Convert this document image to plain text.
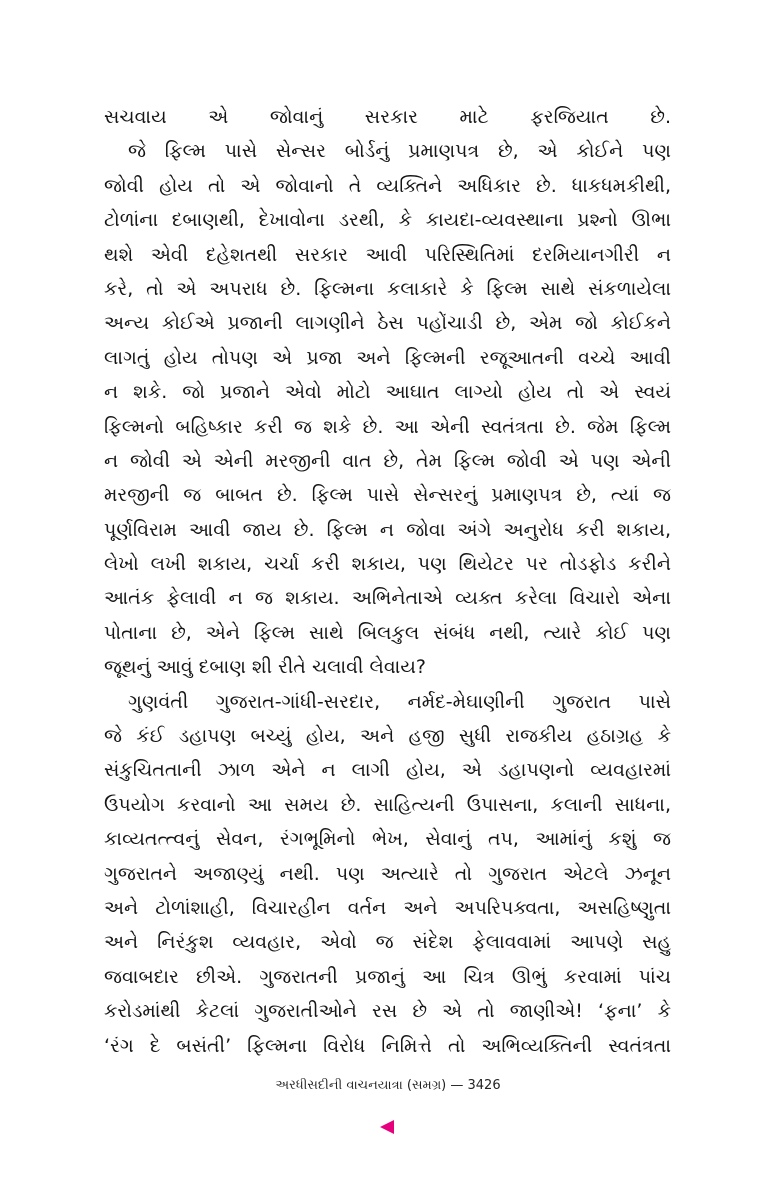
સચવાય એ જોવાનું સરકાર માટે ફરજિયાત છે.
જે ફિલ્મ પાસે સેન્સર બોર્ડનું પ્રમાણપત્ર છે, એ કોઈને પણ
જોવી હોય તો એ જોવાનો તે વ્યક્તિને અધિકાર છે. ધાકધમકીથી,
ટોળાંના દબાણથી, દેખાવોના ડરથી, કે કાયદા-વ્યવસ્થાના પ્રશ્નો ઊભા
થશે એવી દહેશતથી સરકાર આવી પરિસ્થિતિમાં દરમિયાનગીરી ન
કરે, તો એ અપરાધ છે. ફિલ્મના કલાકારે કે ફિલ્મ સાથે સંકળાયેલા
અન્ય કોઈએ પ્રજાની લાગણીને ઠેસ પહોંચાડી છે, એમ જો કોઈકને
લાગતું હોય તોપણ એ પ્રજા અને ફિલ્મની રજૂઆતની વચ્ચે આવી
ન શકે. જો પ્રજાને એવો મોટો આઘાત લાગ્યો હોય તો એ સ્વયં
ફિલ્મનો બહિષ્કાર કરી જ શકે છે. આ એની સ્વતંત્રતા છે. જેમ ફિલ્મ
ન જોવી એ એની મરજીની વાત છે, તેમ ફિલ્મ જોવી એ પણ એની
મરજીની જ બાબત છે. ફિલ્મ પાસે સેન્સરનું પ્રમાણપત્ર છે, ત્યાં જ
પૂર્ણવિરામ આવી જાય છે. ફિલ્મ ન જોવા અંગે અનુરોધ કરી શકાય,
લેખો લખી શકાય, ચર્ચા કરી શકાય, પણ થિયેટર પર તોડફોડ કરીને
આતંક ફેલાવી ન જ શકાય. અભિનેતાએ વ્યક્ત કરેલા વિચારો એના
પોતાના છે, એને ફિલ્મ સાથે બિલકુલ સંબંધ નથી, ત્યારે કોઈ પણ
જૂથનું આવું દબાણ શી રીતે ચલાવી લેવાય?
ગુણવંતી ગુજરાત-ગાંધી-સરદાર, નર્મદ-મેઘાણીની ગુજરાત પાસે
જે કંઈ ડહાપણ બચ્યું હોય, અને હજી સુધી રાજકીય હઠાગ્રહ કે
સંકુચિતતાની ઝાળ એને ન લાગી હોય, એ ડહાપણનો વ્યવહારમાં
ઉપયોગ કરવાનો આ સમય છે. સાહિત્યની ઉપાસના, કલાની સાધના,
કાવ્યતત્ત્વનું સેવન, રંગભૂમિનો ભેખ, સેવાનું તપ, આમાંનું કશું જ
ગુજરાતને અજાણ્યું નથી. પણ અત્યારે તો ગુજરાત એટલે ઝનૂન
અને ટોળાંશાહી, વિચારહીન વર્તન અને અપરિપક્વતા, અસહિષ્ણુતા
અને નિરંકુશ વ્યવહાર, એવો જ સંદેશ ફેલાવવામાં આપણે સહુ
જવાબદાર છીએ. ગુજરાતની પ્રજાનું આ ચિત્ર ઊભું કરવામાં પાંચ
કરોડમાંથી કેટલાં ગુજરાતીઓને રસ છે એ તો જાણીએ! ‘ફના’ કે
‘રંગ દે બસંતી’ ફિલ્મના વિરોધ નિમિત્તે તો અભિવ્યક્તિની સ્વતંત્રતા
અરધીસદીની વાચનયાત્રા (સમગ્ર) — 3426
